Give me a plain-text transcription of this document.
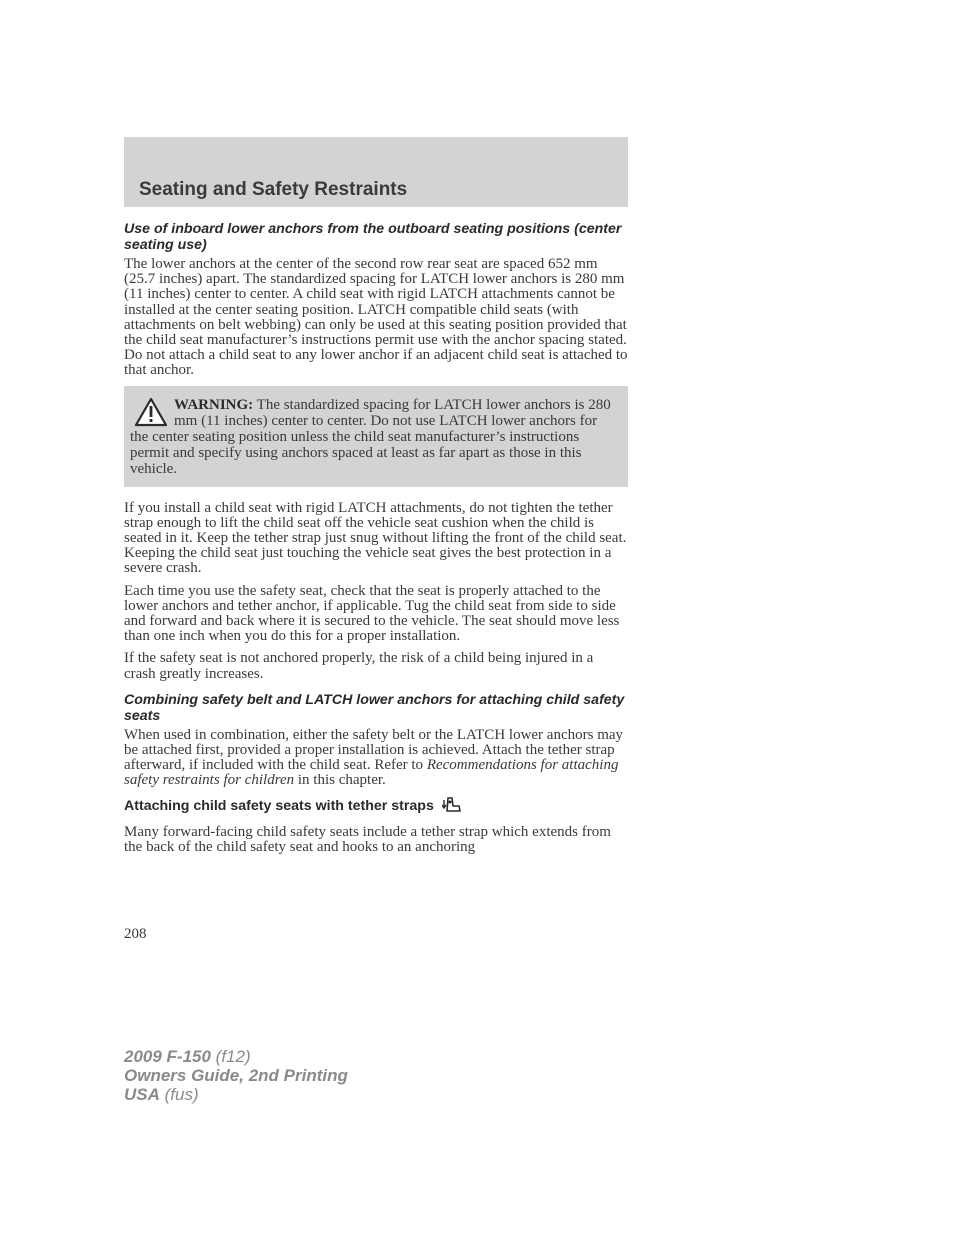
Seating and Safety Restraints
Use of inboard lower anchors from the outboard seating positions (center seating use)

The lower anchors at the center of the second row rear seat are spaced 652 mm (25.7 inches) apart. The standardized spacing for LATCH lower anchors is 280 mm (11 inches) center to center. A child seat with rigid LATCH attachments cannot be installed at the center seating position. LATCH compatible child seats (with attachments on belt webbing) can only be used at this seating position provided that the child seat manufacturer’s instructions permit use with the anchor spacing stated. Do not attach a child seat to any lower anchor if an adjacent child seat is attached to that anchor.

WARNING: The standardized spacing for LATCH lower anchors is 280 mm (11 inches) center to center. Do not use LATCH lower anchors for the center seating position unless the child seat manufacturer’s instructions permit and specify using anchors spaced at least as far apart as those in this vehicle.

If you install a child seat with rigid LATCH attachments, do not tighten the tether strap enough to lift the child seat off the vehicle seat cushion when the child is seated in it. Keep the tether strap just snug without lifting the front of the child seat. Keeping the child seat just touching the vehicle seat gives the best protection in a severe crash.

Each time you use the safety seat, check that the seat is properly attached to the lower anchors and tether anchor, if applicable. Tug the child seat from side to side and forward and back where it is secured to the vehicle. The seat should move less than one inch when you do this for a proper installation.

If the safety seat is not anchored properly, the risk of a child being injured in a crash greatly increases.

Combining safety belt and LATCH lower anchors for attaching child safety seats

When used in combination, either the safety belt or the LATCH lower anchors may be attached first, provided a proper installation is achieved. Attach the tether strap afterward, if included with the child seat. Refer to Recommendations for attaching safety restraints for children in this chapter.

Attaching child safety seats with tether straps

Many forward-facing child safety seats include a tether strap which extends from the back of the child safety seat and hooks to an anchoring

208
2009 F-150 (f12)
Owners Guide, 2nd Printing
USA (fus)
